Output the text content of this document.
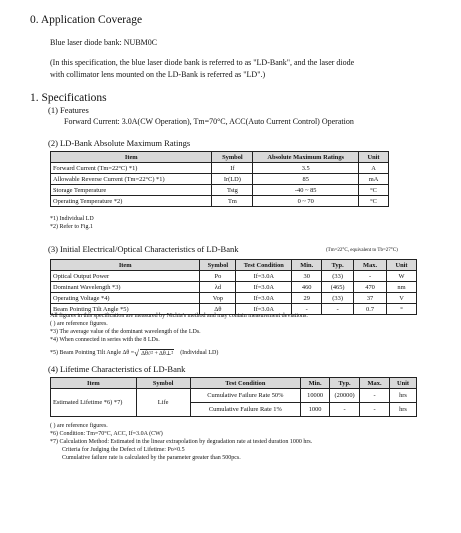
0. Application Coverage
Blue laser diode bank: NUBM0C
(In this specification, the blue laser diode bank is referred to as "LD-Bank", and the laser diode
with collimator lens mounted on the LD-Bank is referred as "LD".)
1. Specifications
(1) Features
Forward Current: 3.0A(CW Operation), Tm=70°C, ACC(Auto Current Control) Operation
(2) LD-Bank Absolute Maximum Ratings
Item	Symbol	Absolute Maximum Ratings	Unit
Forward Current (Tm=22°C) *1)	If	3.5	A
Allowable Reverse Current (Tm=22°C) *1)	Ir(LD)	85	mA
Storage Temperature	Tstg	-40 ~ 85	°C
Operating Temperature *2)	Tm	0 ~ 70	°C
*1) Individual LD
*2) Refer to Fig.1
(3) Initial Electrical/Optical Characteristics of LD-Bank	(Tm=22°C, equivalent to Tb=27°C)
Item	Symbol	Test Condition	Min.	Typ.	Max.	Unit
Optical Output Power	Po	If=3.0A	30	(33)	-	W
Dominant Wavelength *3)	λd	If=3.0A	460	(465)	470	nm
Operating Voltage *4)	Vop	If=3.0A	29	(33)	37	V
Beam Pointing Tilt Angle *5)	Δθ	If=3.0A	-	-	0.7	°
All figures in this specification are measured by Nichia's method and may contain measurement deviations.
( ) are reference figures.
*3) The average value of the dominant wavelength of the LDs.
*4) When connected in series with the 8 LDs.
*5) Beam Pointing Tilt Angle Δθ = √ Δθ//² + Δθ⊥² (Individual LD)
(4) Lifetime Characteristics of LD-Bank
Item	Symbol	Test Condition	Min.	Typ.	Max.	Unit
Estimated Lifetime *6) *7)	Life	Cumulative Failure Rate 50%	10000	(20000)	-	hrs
		Cumulative Failure Rate 1%	1000	-	-	hrs
( ) are reference figures.
*6) Condition: Tm=70°C, ACC, If=3.0A (CW)
*7) Calculation Method: Estimated in the linear extrapolation by degradation rate at tested duration 1000 hrs.
Criteria for Judging the Defect of Lifetime: Po×0.5
Cumulative failure rate is calculated by the parameter greater than 500pcs.
